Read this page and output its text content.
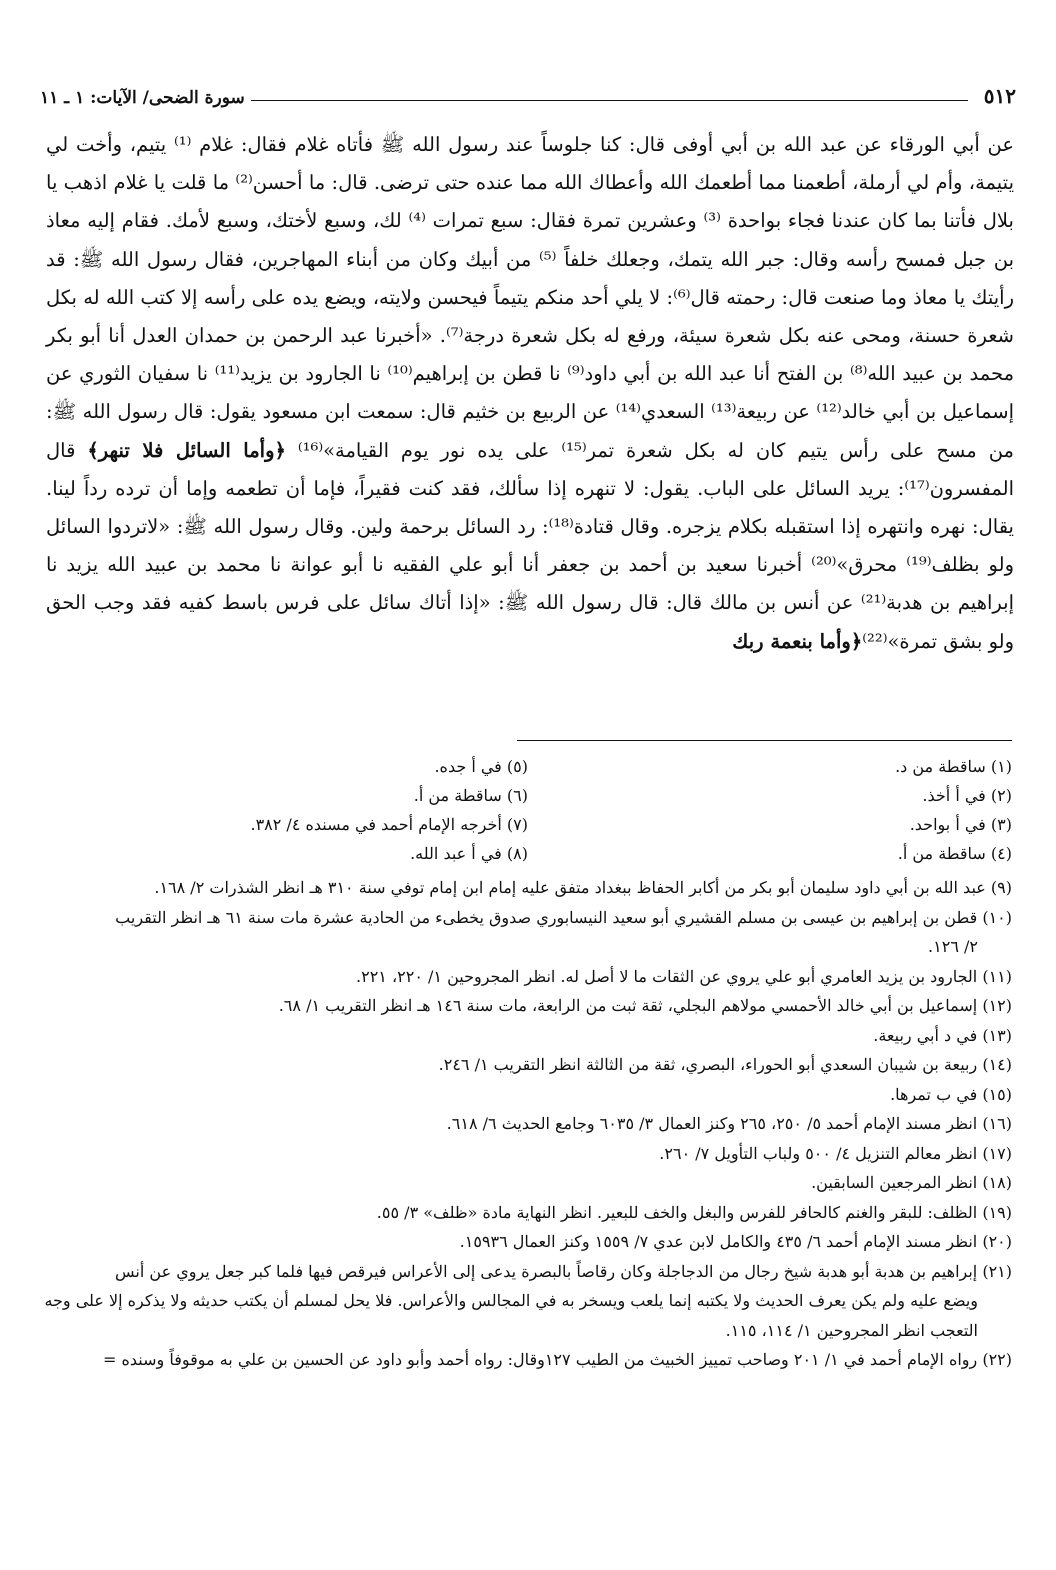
٥١٢
سورة الضحى/ الآيات: ١ ـ ١١

عن أبي الورقاء عن عبد الله بن أبي أوفى قال: كنا جلوساً عند رسول الله ﷺ فأتاه غلام فقال: غلام ⁽¹⁾ يتيم، وأخت لي يتيمة، وأم لي أرملة، أطعمنا مما أطعمك الله وأعطاك الله مما عنده حتى ترضى. قال: ما أحسن⁽²⁾ ما قلت يا غلام اذهب يا بلال فأتنا بما كان عندنا فجاء بواحدة ⁽³⁾ وعشرين تمرة فقال: سبع تمرات ⁽⁴⁾ لك، وسبع لأختك، وسبع لأمك. فقام إليه معاذ بن جبل فمسح رأسه وقال: جبر الله يتمك، وجعلك خلفاً ⁽⁵⁾ من أبيك وكان من أبناء المهاجرين، فقال رسول الله ﷺ: قد رأيتك يا معاذ وما صنعت قال: رحمته قال⁽⁶⁾: لا يلي أحد منكم يتيماً فيحسن ولايته، ويضع يده على رأسه إلا كتب الله له بكل شعرة حسنة، ومحى عنه بكل شعرة سيئة، ورفع له بكل شعرة درجة⁽⁷⁾. «أخبرنا عبد الرحمن بن حمدان العدل أنا أبو بكر محمد بن عبيد الله⁽⁸⁾ بن الفتح أنا عبد الله بن أبي داود⁽⁹⁾ نا قطن بن إبراهيم⁽¹⁰⁾ نا الجارود بن يزيد⁽¹¹⁾ نا سفيان الثوري عن إسماعيل بن أبي خالد⁽¹²⁾ عن ربيعة⁽¹³⁾ السعدي⁽¹⁴⁾ عن الربيع بن خثيم قال: سمعت ابن مسعود يقول: قال رسول الله ﷺ: من مسح على رأس يتيم كان له بكل شعرة تمر⁽¹⁵⁾ على يده نور يوم القيامة»⁽¹⁶⁾ ﴿وأما السائل فلا تنهر﴾ قال المفسرون⁽¹⁷⁾: يريد السائل على الباب. يقول: لا تنهره إذا سألك، فقد كنت فقيراً، فإما أن تطعمه وإما أن ترده رداً لينا. يقال: نهره وانتهره إذا استقبله بكلام يزجره. وقال قتادة⁽¹⁸⁾: رد السائل برحمة ولين. وقال رسول الله ﷺ: «لاتردوا السائل ولو بظلف⁽¹⁹⁾ محرق»⁽²⁰⁾ أخبرنا سعيد بن أحمد بن جعفر أنا أبو علي الفقيه نا أبو عوانة نا محمد بن عبيد الله يزيد نا إبراهيم بن هدبة⁽²¹⁾ عن أنس بن مالك قال: قال رسول الله ﷺ: «إذا أتاك سائل على فرس باسط كفيه فقد وجب الحق ولو بشق تمرة»⁽²²⁾﴿وأما بنعمة ربك

(١) ساقطة من د.
(٥) في أ جده.
(٢) في أ أخذ.
(٦) ساقطة من أ.
(٣) في أ بواحد.
(٧) أخرجه الإمام أحمد في مسنده ٤/ ٣٨٢.
(٤) ساقطة من أ.
(٨) في أ عبد الله.

(٩) عبد الله بن أبي داود سليمان أبو بكر من أكابر الحفاظ ببغداد متفق عليه إمام ابن إمام توفي سنة ٣١٠ هـ انظر الشذرات ٢/ ١٦٨.

(١٠) قطن بن إبراهيم بن عيسى بن مسلم القشيري أبو سعيد النيسابوري صدوق يخطىء من الحادية عشرة مات سنة ٦١ هـ انظر التقريب

٢/ ١٢٦.

(١١) الجارود بن يزيد العامري أبو علي يروي عن الثقات ما لا أصل له. انظر المجروحين ١/ ٢٢٠، ٢٢١.

(١٢) إسماعيل بن أبي خالد الأحمسي مولاهم البجلي، ثقة ثبت من الرابعة، مات سنة ١٤٦ هـ انظر التقريب ١/ ٦٨.

(١٣) في د أبي ربيعة.

(١٤) ربيعة بن شيبان السعدي أبو الحوراء، البصري، ثقة من الثالثة انظر التقريب ١/ ٢٤٦.

(١٥) في ب تمرها.

(١٦) انظر مسند الإمام أحمد ٥/ ٢٥٠، ٢٦٥ وكنز العمال ٣/ ٦٠٣٥ وجامع الحديث ٦/ ٦١٨.

(١٧) انظر معالم التنزيل ٤/ ٥٠٠ ولباب التأويل ٧/ ٢٦٠.

(١٨) انظر المرجعين السابقين.

(١٩) الظلف: للبقر والغنم كالحافر للفرس والبغل والخف للبعير. انظر النهاية مادة «ظلف» ٣/ ٥٥.

(٢٠) انظر مسند الإمام أحمد ٦/ ٤٣٥ والكامل لابن عدي ٧/ ١٥٥٩ وكنز العمال ١٥٩٣٦.

(٢١) إبراهيم بن هدبة أبو هدبة شيخ رجال من الدجاجلة وكان رقاصاً بالبصرة يدعى إلى الأعراس فيرقص فيها فلما كبر جعل يروي عن أنس

ويضع عليه ولم يكن يعرف الحديث ولا يكتبه إنما يلعب ويسخر به في المجالس والأعراس. فلا يحل لمسلم أن يكتب حديثه ولا يذكره إلا على وجه التعجب انظر المجروحين ١/ ١١٤، ١١٥.

(٢٢) رواه الإمام أحمد في ١/ ٢٠١ وصاحب تمييز الخبيث من الطيب ١٢٧وقال: رواه أحمد وأبو داود عن الحسين بن علي به موقوفاً وسنده =
